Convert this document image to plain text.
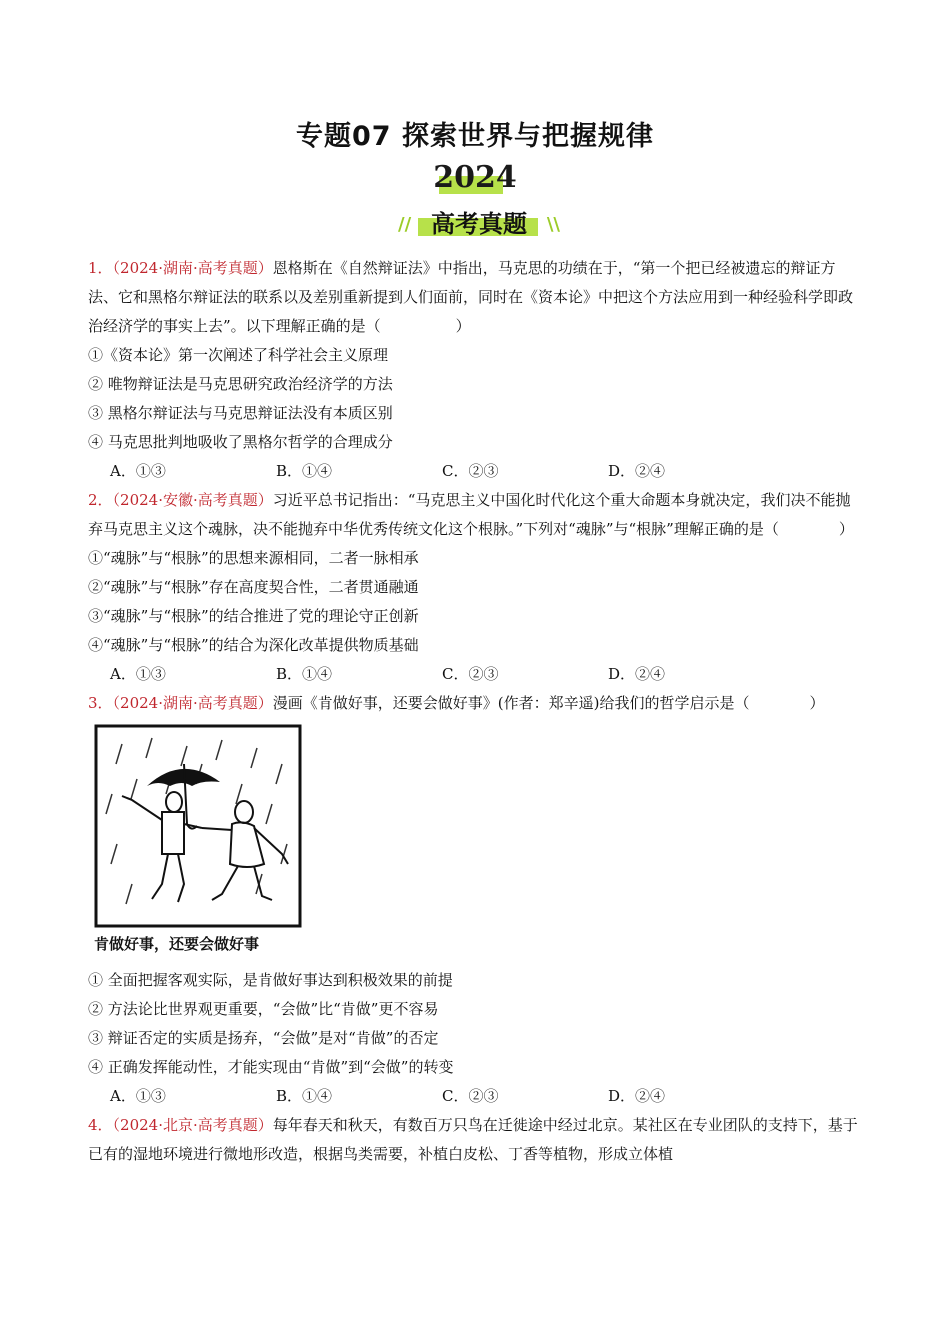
专题07 探索世界与把握规律
2024
//	\\
高考真题

1．（2024·湖南·高考真题）恩格斯在《自然辩证法》中指出，马克思的功绩在于，“第一个把已经被遗忘的辩证方法、它和黑格尔辩证法的联系以及差别重新提到人们面前，同时在《资本论》中把这个方法应用到一种经验科学即政治经济学的事实上去”。以下理解正确的是（　　　　　）

①《资本论》第一次阐述了科学社会主义原理

② 唯物辩证法是马克思研究政治经济学的方法

③ 黑格尔辩证法与马克思辩证法没有本质区别

④ 马克思批判地吸收了黑格尔哲学的合理成分

A．①③	B．①④	C．②③	D．②④

2．（2024·安徽·高考真题）习近平总书记指出：“马克思主义中国化时代化这个重大命题本身就决定，我们决不能抛弃马克思主义这个魂脉，决不能抛弃中华优秀传统文化这个根脉。”下列对“魂脉”与“根脉”理解正确的是（　　　　）

①“魂脉”与“根脉”的思想来源相同，二者一脉相承

②“魂脉”与“根脉”存在高度契合性，二者贯通融通

③“魂脉”与“根脉”的结合推进了党的理论守正创新

④“魂脉”与“根脉”的结合为深化改革提供物质基础

A．①③	B．①④	C．②③	D．②④

3．（2024·湖南·高考真题）漫画《肯做好事，还要会做好事》(作者：郑辛遥)给我们的哲学启示是（　　　　）

肯做好事，还要会做好事

① 全面把握客观实际，是肯做好事达到积极效果的前提

② 方法论比世界观更重要，“会做”比“肯做”更不容易

③ 辩证否定的实质是扬弃，“会做”是对“肯做”的否定

④ 正确发挥能动性，才能实现由“肯做”到“会做”的转变

A．①③	B．①④	C．②③	D．②④

4．（2024·北京·高考真题）每年春天和秋天，有数百万只鸟在迁徙途中经过北京。某社区在专业团队的支持下，基于已有的湿地环境进行微地形改造，根据鸟类需要，补植白皮松、丁香等植物，形成立体植
